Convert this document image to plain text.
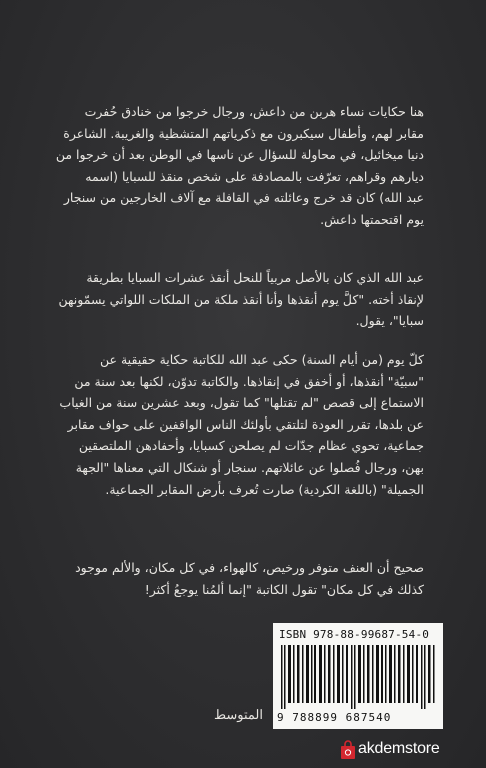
هنا حكايات نساء هربن من داعش، ورجال خرجوا من خنادق حُفرت
مقابر لهم، وأطفال سيكبرون مع ذكرياتهم المتشظية والغريبة. الشاعرة
دنيا ميخائيل، في محاولة للسؤال عن ناسها في الوطن بعد أن خرجوا من
ديارهم وقراهم، تعرّفت بالمصادفة على شخص منقذ للسبايا (اسمه
عبد الله) كان قد خرج وعائلته في القافلة مع آلاف الخارجين من سنجار
يوم اقتحمتها داعش.
عبد الله الذي كان بالأصل مربياً للنحل أنقذ عشرات السبايا بطريقة
لإنقاذ أخته. "كلَّ يوم أنقذها وأنا أنقذ ملكة من الملكات اللواتي يسمّونهن
سبايا"، يقول.
كلّ يوم (من أيام السنة) حكى عبد الله للكاتبة حكاية حقيقية عن
"سبيّة" أنقذها، أو أخفق في إنقاذها. والكاتبة تدوّن، لكنها بعد سنة من
الاستماع إلى قصص "لم تقتلها" كما تقول، وبعد عشرين سنة من الغياب
عن بلدها، تقرر العودة لتلتقي بأولئك الناس الواقفين على حواف مقابر
جماعية، تحوي عظام جدّات لم يصلحن كسبايا، وأحفادهن الملتصقين
بهن، ورجال فُصلوا عن عائلاتهم. سنجار أو شنكال التي معناها "الجهة
الجميلة" (باللغة الكردية) صارت تُعرف بأرض المقابر الجماعية.
صحيح أن العنف متوفر ورخيص، كالهواء، في كل مكان، والألم موجود
كذلك في كل مكان" تقول الكاتبة "إنما ألمُنا يوجعُ أكثر!
ISBN 978-88-99687-54-0
9 788899 687540
المتوسط
akdemstore
